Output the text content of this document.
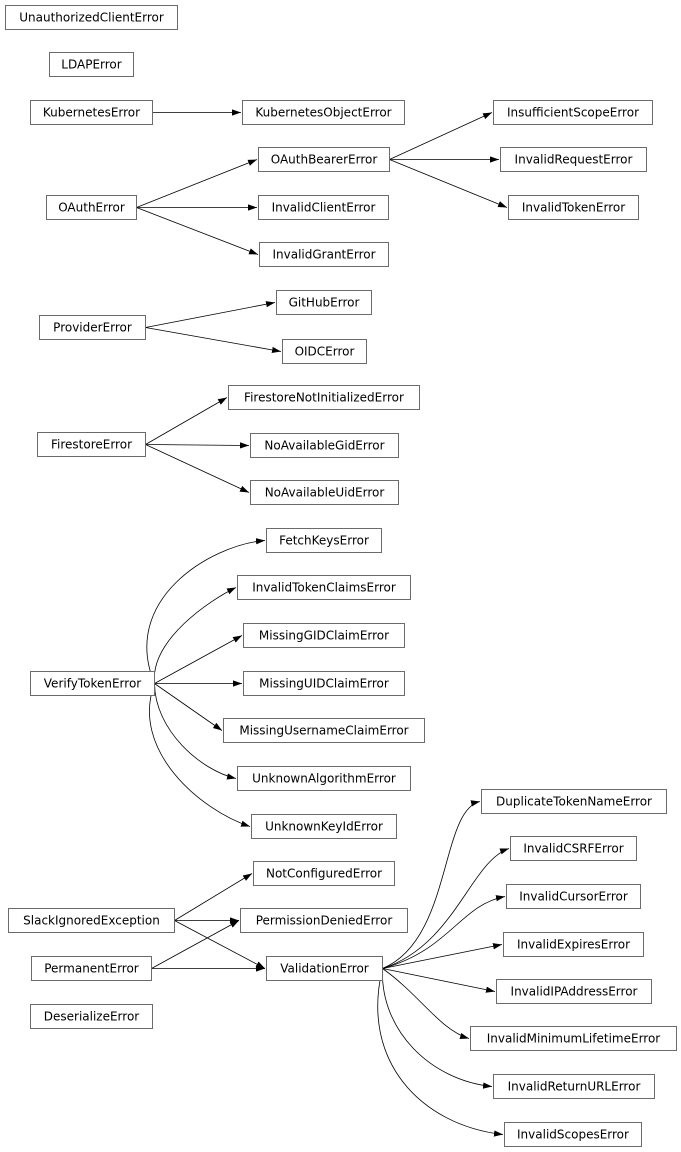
UnauthorizedClientError
LDAPError
KubernetesError	KubernetesObjectError	InsufficientScopeError
OAuthBearerError	InvalidRequestError
OAuthError	InvalidClientError	InvalidTokenError
InvalidGrantError
GitHubError
ProviderError
OIDCError
FirestoreNotInitializedError
FirestoreError	NoAvailableGidError
NoAvailableUidError
FetchKeysError
InvalidTokenClaimsError
MissingGIDClaimError
VerifyTokenError	MissingUIDClaimError
MissingUsernameClaimError
UnknownAlgorithmError
UnknownKeyIdError
DuplicateTokenNameError
InvalidCSRFError
NotConfiguredError
InvalidCursorError
SlackIgnoredException	PermissionDeniedError
InvalidExpiresError
PermanentError	ValidationError
InvalidIPAddressError
DeserializeError
InvalidMinimumLifetimeError
InvalidReturnURLError
InvalidScopesError
